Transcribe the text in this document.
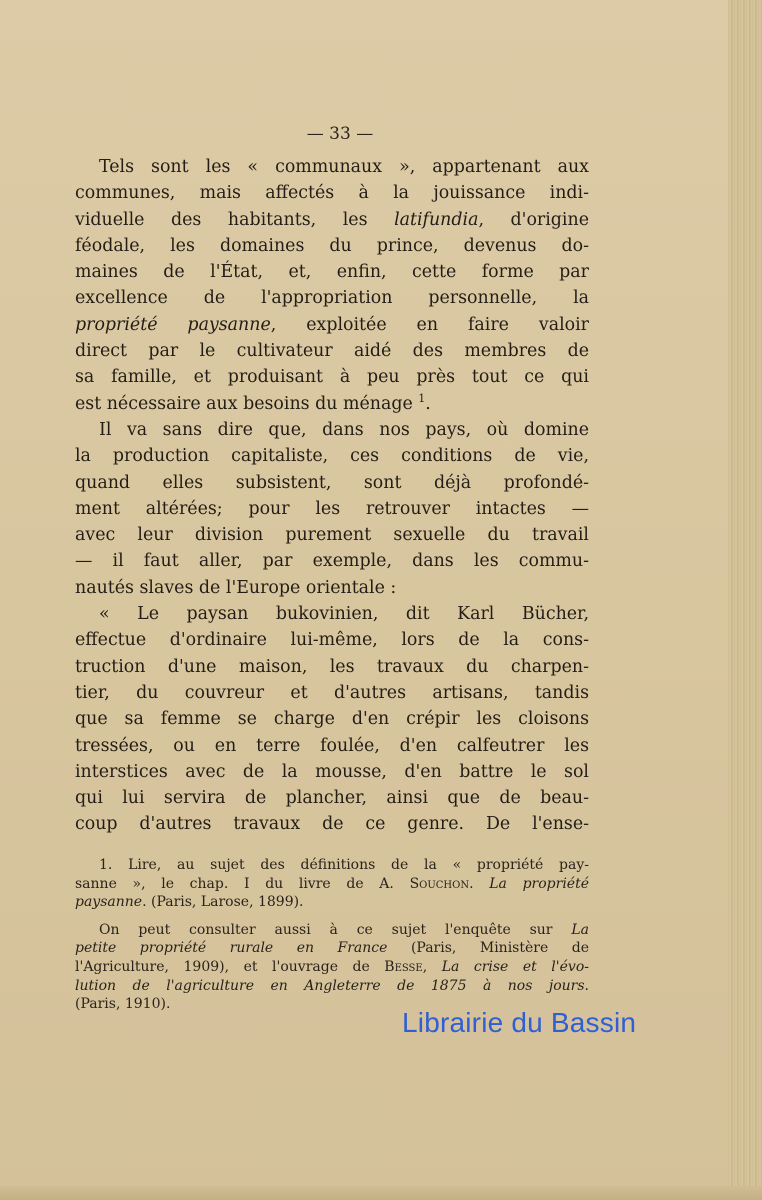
— 33 —
Tels sont les « communaux », appartenant aux
communes, mais affectés à la jouissance indi-
viduelle des habitants, les latifundia, d'origine
féodale, les domaines du prince, devenus do-
maines de l'État, et, enfin, cette forme par
excellence de l'appropriation personnelle, la
propriété paysanne, exploitée en faire valoir
direct par le cultivateur aidé des membres de
sa famille, et produisant à peu près tout ce qui
est nécessaire aux besoins du ménage $^1$.
Il va sans dire que, dans nos pays, où domine
la production capitaliste, ces conditions de vie,
quand elles subsistent, sont déjà profondé-
ment altérées; pour les retrouver intactes —
avec leur division purement sexuelle du travail
— il faut aller, par exemple, dans les commu-
nautés slaves de l'Europe orientale :
« Le paysan bukovinien, dit Karl Bücher,
effectue d'ordinaire lui-même, lors de la cons-
truction d'une maison, les travaux du charpen-
tier, du couvreur et d'autres artisans, tandis
que sa femme se charge d'en crépir les cloisons
tressées, ou en terre foulée, d'en calfeutrer les
interstices avec de la mousse, d'en battre le sol
qui lui servira de plancher, ainsi que de beau-
coup d'autres travaux de ce genre. De l'ense-
1. Lire, au sujet des définitions de la « propriété pay-
sanne », le chap. I du livre de A. Souchon. La propriété
paysanne. (Paris, Larose, 1899).
On peut consulter aussi à ce sujet l'enquête sur La
petite propriété rurale en France (Paris, Ministère de
l'Agriculture, 1909), et l'ouvrage de Besse, La crise et l'évo-
lution de l'agriculture en Angleterre de 1875 à nos jours.
(Paris, 1910).
Librairie du Bassin
